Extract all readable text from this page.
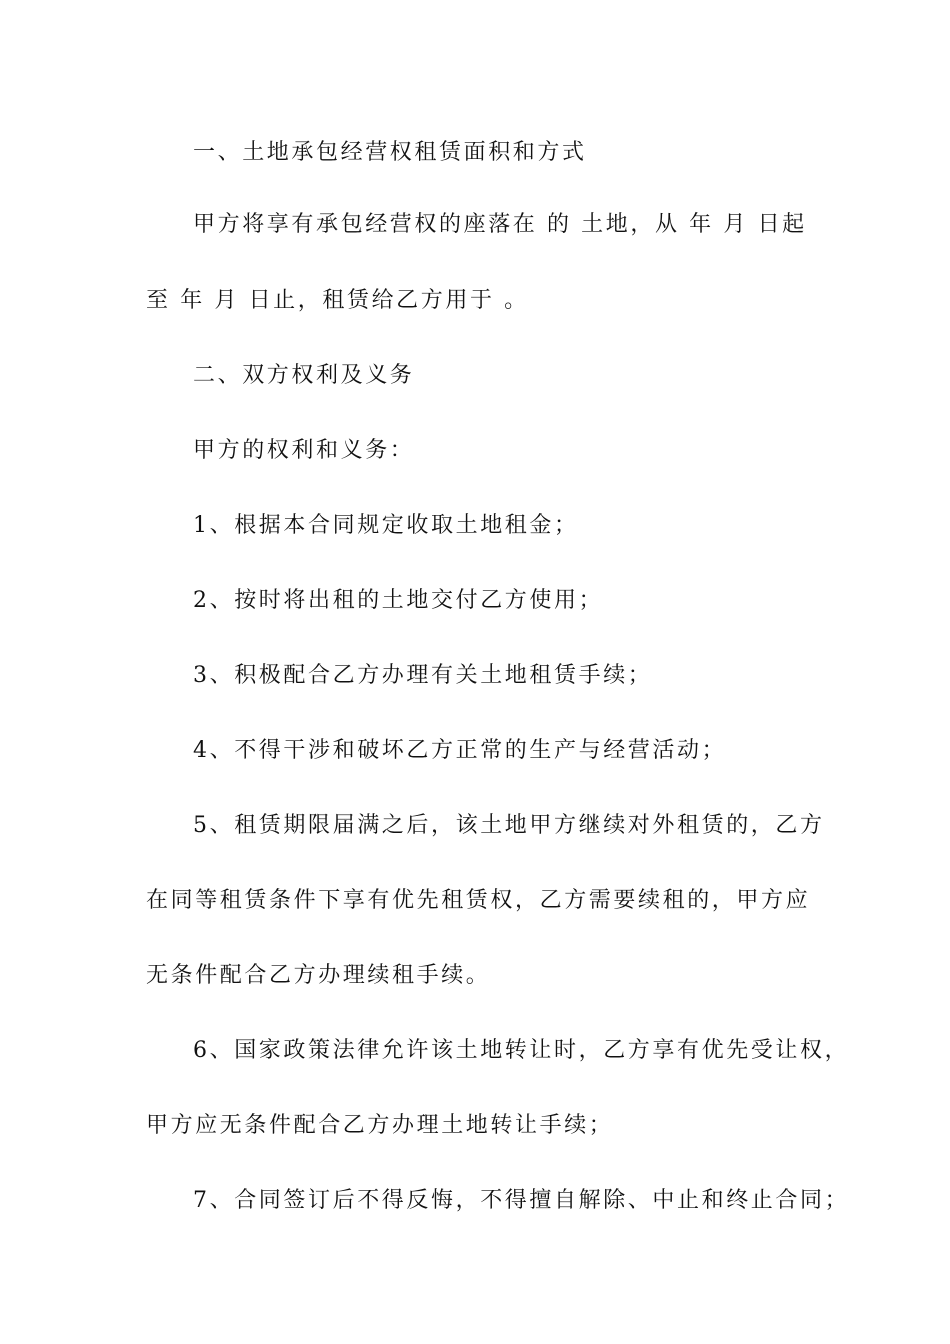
一、土地承包经营权租赁面积和方式
甲方将享有承包经营权的座落在 的 土地，从 年 月 日起
至 年 月 日止，租赁给乙方用于 。
二、双方权利及义务
甲方的权利和义务：
1、根据本合同规定收取土地租金；
2、按时将出租的土地交付乙方使用；
3、积极配合乙方办理有关土地租赁手续；
4、不得干涉和破坏乙方正常的生产与经营活动；
5、租赁期限届满之后，该土地甲方继续对外租赁的，乙方
在同等租赁条件下享有优先租赁权，乙方需要续租的，甲方应
无条件配合乙方办理续租手续。
6、国家政策法律允许该土地转让时，乙方享有优先受让权，
甲方应无条件配合乙方办理土地转让手续；
7、合同签订后不得反悔，不得擅自解除、中止和终止合同；
